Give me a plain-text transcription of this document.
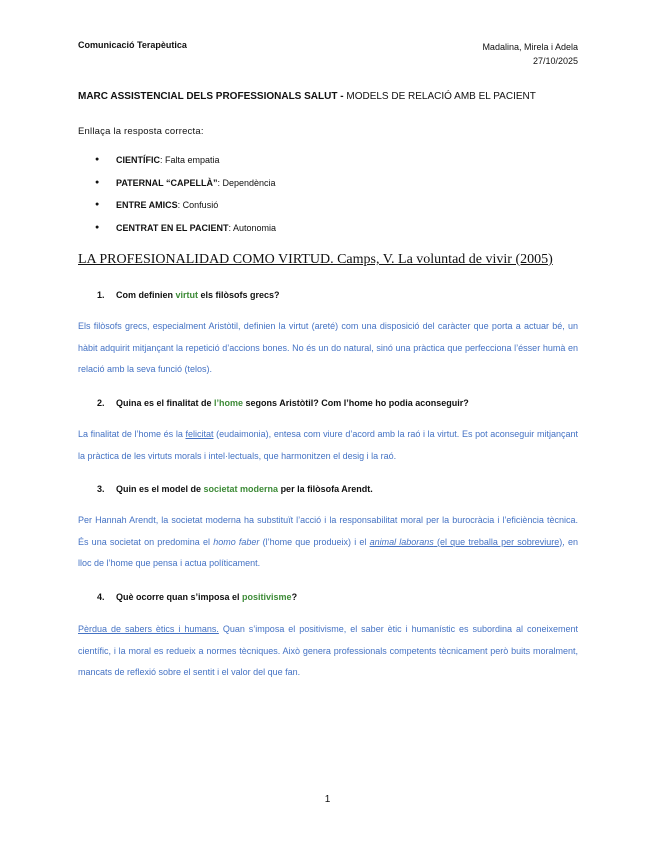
Comunicació Terapèutica	Madalina, Mirela i Adela
27/10/2025
MARC ASSISTENCIAL DELS PROFESSIONALS SALUT - MODELS DE RELACIÓ AMB EL PACIENT
Enllaça la resposta correcta:
● CIENTÍFIC: Falta empatia
● PATERNAL “CAPELLÀ”: Dependència
● ENTRE AMICS: Confusió
● CENTRAT EN EL PACIENT: Autonomia
LA PROFESIONALIDAD COMO VIRTUD. Camps, V. La voluntad de vivir (2005)
1. Com definien virtut els filòsofs grecs?
Els filòsofs grecs, especialment Aristòtil, definien la virtut (areté) com una disposició del caràcter que porta a actuar bé, un hàbit adquirit mitjançant la repetició d’accions bones. No és un do natural, sinó una pràctica que perfecciona l’ésser humà en relació amb la seva funció (telos).
2. Quina es el finalitat de l’home segons Aristòtil? Com l’home ho podia aconseguir?
La finalitat de l’home és la felicitat (eudaimonia), entesa com viure d’acord amb la raó i la virtut. Es pot aconseguir mitjançant la pràctica de les virtuts morals i intel·lectuals, que harmonitzen el desig i la raó.
3. Quin es el model de societat moderna per la filòsofa Arendt.
Per Hannah Arendt, la societat moderna ha substituït l’acció i la responsabilitat moral per la burocràcia i l’eficiència tècnica. És una societat on predomina el homo faber (l’home que produeix) i el animal laborans (el que treballa per sobreviure), en lloc de l’home que pensa i actua políticament.
4. Què ocorre quan s’imposa el positivisme?
Pèrdua de sabers ètics i humans. Quan s’imposa el positivisme, el saber ètic i humanístic es subordina al coneixement científic, i la moral es redueix a normes tècniques. Això genera professionals competents tècnicament però buits moralment, mancats de reflexió sobre el sentit i el valor del que fan.
1
